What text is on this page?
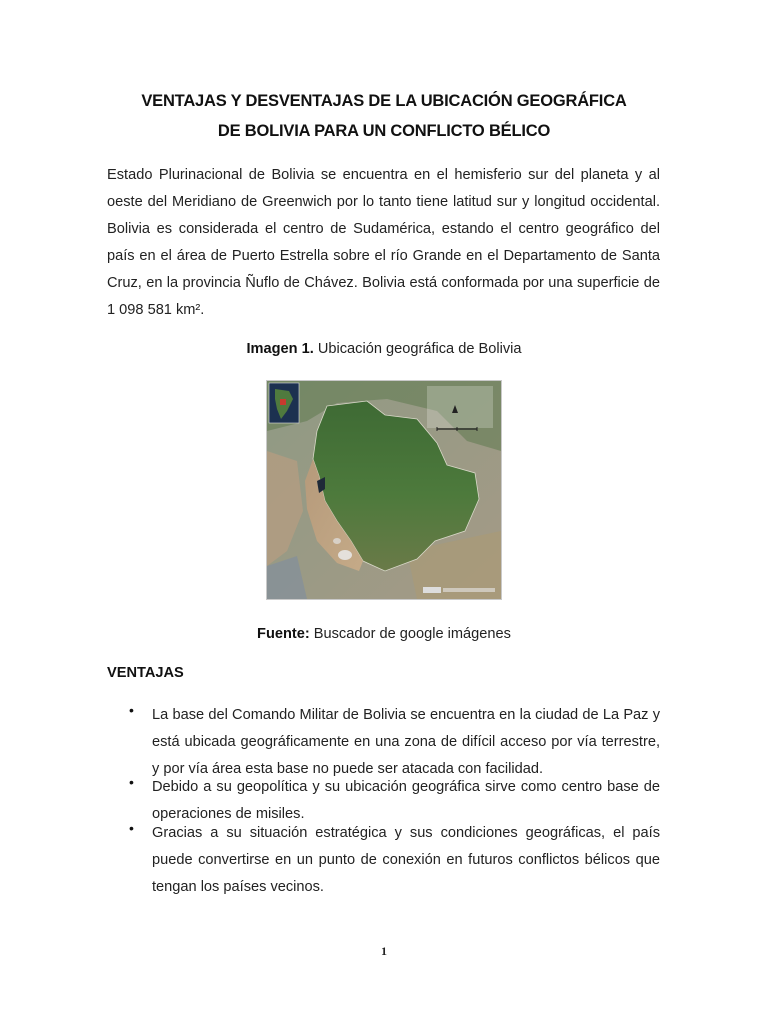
VENTAJAS Y DESVENTAJAS DE LA UBICACIÓN GEOGRÁFICA
DE BOLIVIA PARA UN CONFLICTO BÉLICO
Estado Plurinacional de Bolivia se encuentra en el hemisferio sur del planeta y al oeste del Meridiano de Greenwich por lo tanto tiene latitud sur y longitud occidental. Bolivia es considerada el centro de Sudamérica, estando el centro geográfico del país en el área de Puerto Estrella sobre el río Grande en el Departamento de Santa Cruz, en la provincia Ñuflo de Chávez. Bolivia está conformada por una superficie de 1 098 581 km².
Imagen 1. Ubicación geográfica de Bolivia
Fuente: Buscador de google imágenes
VENTAJAS
• La base del Comando Militar de Bolivia se encuentra en la ciudad de La Paz y está ubicada geográficamente en una zona de difícil acceso por vía terrestre, y por vía área esta base no puede ser atacada con facilidad.
• Debido a su geopolítica y su ubicación geográfica sirve como centro base de operaciones de misiles.
• Gracias a su situación estratégica y sus condiciones geográficas, el país puede convertirse en un punto de conexión en futuros conflictos bélicos que tengan los países vecinos.
1
